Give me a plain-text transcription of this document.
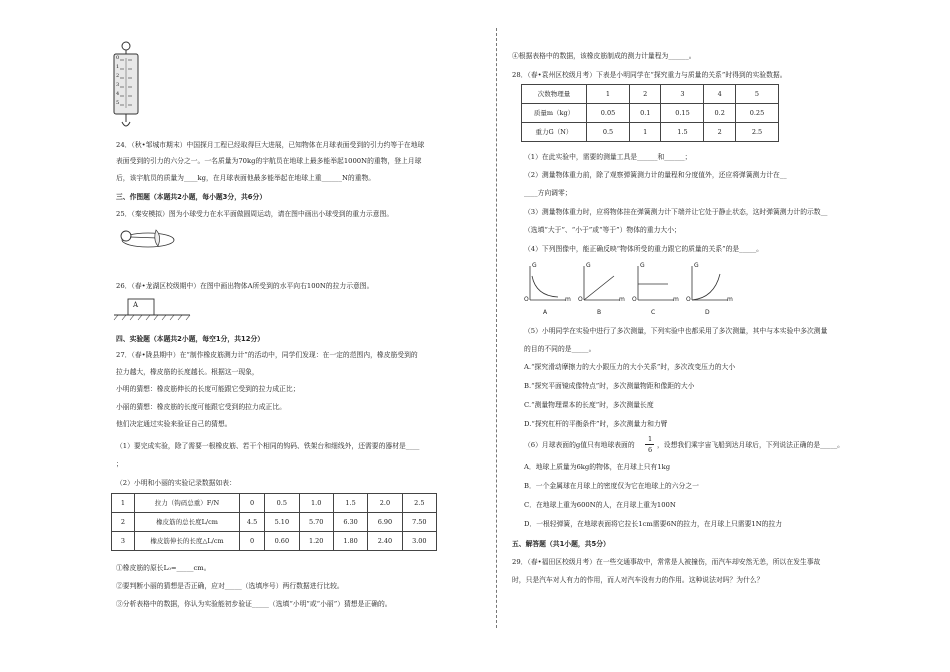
0
1
2
3
4
5
24．（秋•邹城市期末）中国探月工程已经取得巨大进展，已知物体在月球表面受到的引力约等于在地球
表面受到的引力的六分之一。一名质量为70kg的宇航员在地球上最多能举起1000N的重物，登上月球
后，该宇航员的质量为____kg，在月球表面他最多能举起在地球上重______N的重物。
三、作图题（本题共2小题，每小题3分，共6分）
25．（秦安模拟）图为小球受力在水平面做圆周运动，请在图中画出小球受到的重力示意图。
26．（春•龙湖区校级期中）在图中画出物体A所受到的水平向右100N的拉力示意图。
A
四、实验题（本题共2小题，每空1分，共12分）
27．（春•陇县期中）在“制作橡皮筋测力计”的活动中，同学们发现：在一定的范围内，橡皮筋受到的
拉力越大，橡皮筋的长度越长。根据这一现象，
小明的猜想：橡皮筋伸长的长度可能跟它受到的拉力成正比；
小丽的猜想：橡皮筋的长度可能跟它受到的拉力成正比。
他们决定通过实验来验证自己的猜想。
（1）要完成实验，除了需要一根橡皮筋、若干个相同的钩码、铁架台和细线外，还需要的器材是____
；
（2）小明和小丽的实验记录数据如表：
1	拉力（钩码总重）F/N	0	0.5	1.0	1.5	2.0	2.5
2	橡皮筋的总长度L/cm	4.5	5.10	5.70	6.30	6.90	7.50
3	橡皮筋伸长的长度△L/cm	0	0.60	1.20	1.80	2.40	3.00
①橡皮筋的原长L₀=_____cm。
②要判断小丽的猜想是否正确，应对_____（选填序号）两行数据进行比较。
③分析表格中的数据，你认为实验能初步验证_____（选填“小明”或“小丽”）猜想是正确的。
④根据表格中的数据，该橡皮筋制成的测力计量程为______。
28．（春•袁州区校级月考）下表是小明同学在“探究重力与质量的关系”时得到的实验数据。
次数物理量	1	2	3	4	5
质量m（kg）	0.05	0.1	0.15	0.2	0.25
重力G（N）	0.5	1	1.5	2	2.5
（1）在此实验中，需要的测量工具是______和______；
（2）测量物体重力前，除了观察弹簧测力计的量程和分度值外，还应将弹簧测力计在__
____方向调零；
（3）测量物体重力时，应将物体挂在弹簧测力计下端并让它处于静止状态，这时弹簧测力计的示数__
（选填“大于”、“小于”或“等于”）物体的重力大小；
（4）下列图像中，能正确反映“物体所受的重力跟它的质量的关系”的是_____。
G	G	G	G
O	O	O	O
m	m	m	m
A	B	C	D
（5）小明同学在实验中进行了多次测量，下列实验中也都采用了多次测量，其中与本实验中多次测量
的目的不同的是_____。
A.“探究滑动摩擦力的大小跟压力的大小关系”时，多次改变压力的大小
B.“探究平面镜成像特点”时，多次测量物距和像距的大小
C.“测量物理课本的长度”时，多次测量长度
D.“探究杠杆的平衡条件”时，多次测量力和力臂
（6）月球表面的g值只有地球表面的
1
6
，设想我们乘宇宙飞船到达月球后，下列说法正确的是_____。
A．地球上质量为6kg的物体，在月球上只有1kg
B．一个金属球在月球上的密度仅为它在地球上的六分之一
C．在地球上重为600N的人，在月球上重为100N
D．一根轻弹簧，在地球表面将它拉长1cm需要6N的拉力，在月球上只需要1N的拉力
五、解答题（共1小题，共5分）
29．（春•福田区校级月考）在一些交通事故中，常常是人被撞伤，而汽车却安然无恙，所以在发生事故
时，只是汽车对人有力的作用，而人对汽车没有力的作用。这种说法对吗？为什么？
